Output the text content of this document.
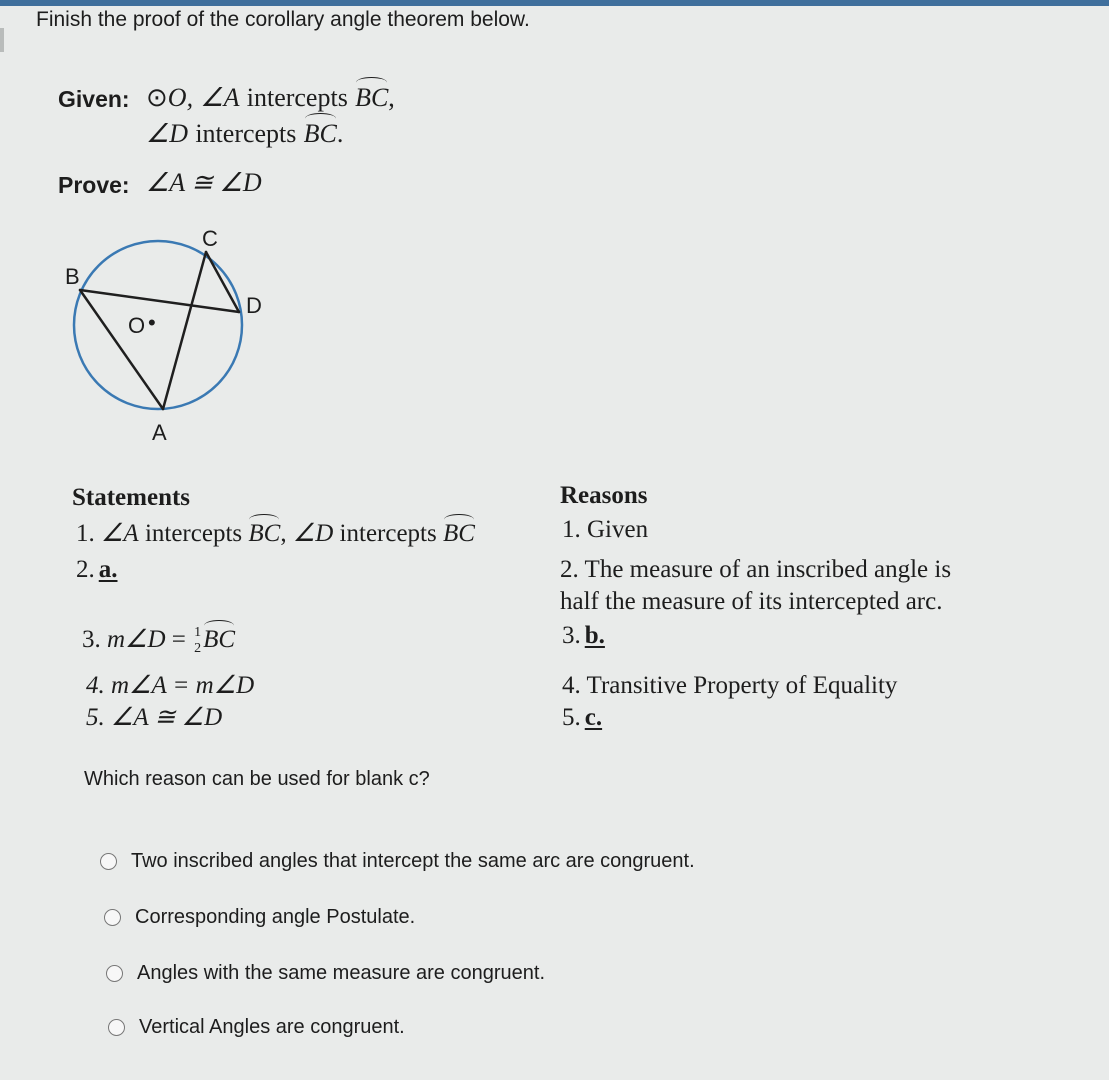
Finish the proof of the corollary angle theorem below.
Given: ⊙O, ∠A intercepts BC,
∠D intercepts BC.
Prove: ∠A ≅ ∠D
B
C
D
O •
A
Statements	Reasons
1. ∠A intercepts BC, ∠D intercepts BC
2. a.
3. m∠D = 1
2BC
4. m∠A = m∠D
5. ∠A ≅ ∠D
1. Given
2. The measure of an inscribed angle is
half the measure of its intercepted arc.
3. b.
4. Transitive Property of Equality
5. c.
Which reason can be used for blank c?
Two inscribed angles that intercept the same arc are congruent.
Corresponding angle Postulate.
Angles with the same measure are congruent.
Vertical Angles are congruent.
